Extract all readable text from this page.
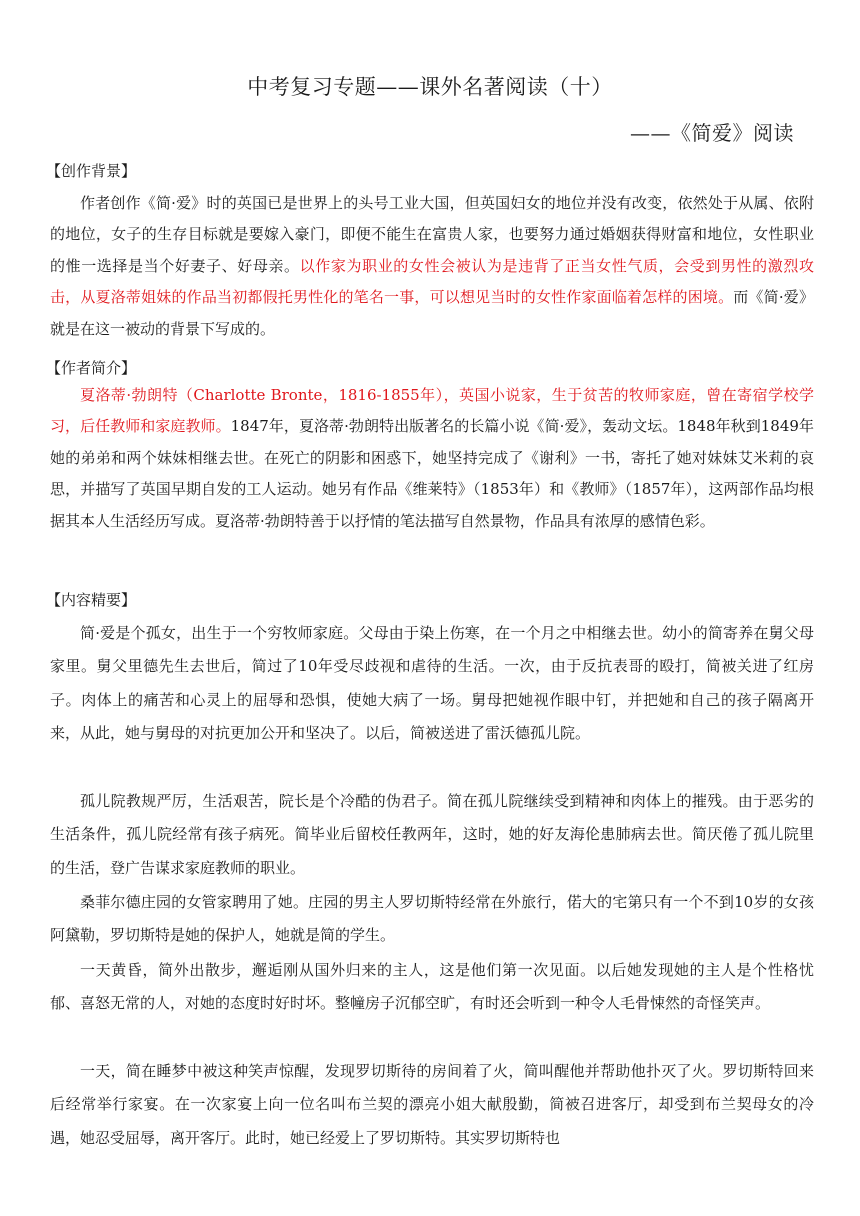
中考复习专题——课外名著阅读（十）
——《简爱》阅读
【创作背景】
作者创作《简·爱》时的英国已是世界上的头号工业大国，但英国妇女的地位并没有改变，依然处于从属、依附的地位，女子的生存目标就是要嫁入豪门，即便不能生在富贵人家，也要努力通过婚姻获得财富和地位，女性职业的惟一选择是当个好妻子、好母亲。以作家为职业的女性会被认为是违背了正当女性气质，会受到男性的激烈攻击，从夏洛蒂姐妹的作品当初都假托男性化的笔名一事，可以想见当时的女性作家面临着怎样的困境。而《简·爱》就是在这一被动的背景下写成的。
【作者简介】
夏洛蒂·勃朗特（Charlotte Bronte，1816-1855年），英国小说家，生于贫苦的牧师家庭，曾在寄宿学校学习，后任教师和家庭教师。1847年，夏洛蒂·勃朗特出版著名的长篇小说《简·爱》，轰动文坛。1848年秋到1849年她的弟弟和两个妹妹相继去世。在死亡的阴影和困惑下，她坚持完成了《谢利》一书，寄托了她对妹妹艾米莉的哀思，并描写了英国早期自发的工人运动。她另有作品《维莱特》（1853年）和《教师》（1857年），这两部作品均根据其本人生活经历写成。夏洛蒂·勃朗特善于以抒情的笔法描写自然景物，作品具有浓厚的感情色彩。
【内容精要】
简·爱是个孤女，出生于一个穷牧师家庭。父母由于染上伤寒，在一个月之中相继去世。幼小的简寄养在舅父母家里。舅父里德先生去世后，简过了10年受尽歧视和虐待的生活。一次，由于反抗表哥的殴打，简被关进了红房子。肉体上的痛苦和心灵上的屈辱和恐惧，使她大病了一场。舅母把她视作眼中钉，并把她和自己的孩子隔离开来，从此，她与舅母的对抗更加公开和坚决了。以后，简被送进了雷沃德孤儿院。
孤儿院教规严厉，生活艰苦，院长是个冷酷的伪君子。简在孤儿院继续受到精神和肉体上的摧残。由于恶劣的生活条件，孤儿院经常有孩子病死。简毕业后留校任教两年，这时，她的好友海伦患肺病去世。简厌倦了孤儿院里的生活，登广告谋求家庭教师的职业。
桑菲尔德庄园的女管家聘用了她。庄园的男主人罗切斯特经常在外旅行，偌大的宅第只有一个不到10岁的女孩阿黛勒，罗切斯特是她的保护人，她就是简的学生。
一天黄昏，简外出散步，邂逅刚从国外归来的主人，这是他们第一次见面。以后她发现她的主人是个性格忧郁、喜怒无常的人，对她的态度时好时坏。整幢房子沉郁空旷，有时还会听到一种令人毛骨悚然的奇怪笑声。
一天，简在睡梦中被这种笑声惊醒，发现罗切斯待的房间着了火，简叫醒他并帮助他扑灭了火。罗切斯特回来后经常举行家宴。在一次家宴上向一位名叫布兰契的漂亮小姐大献殷勤，简被召进客厅，却受到布兰契母女的冷遇，她忍受屈辱，离开客厅。此时，她已经爱上了罗切斯特。其实罗切斯特也
